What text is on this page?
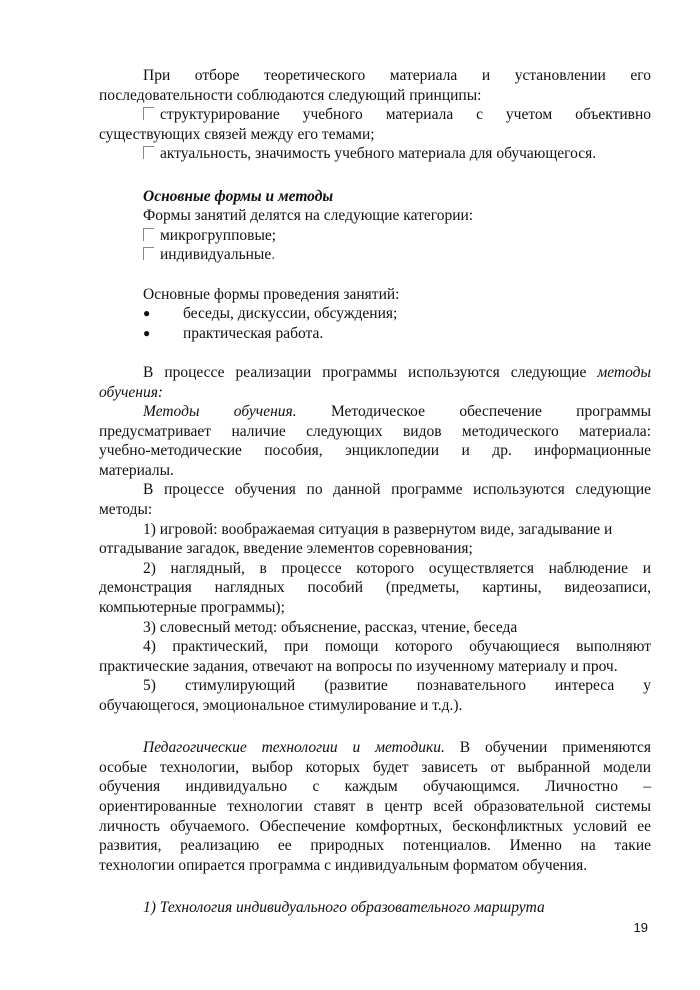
При отборе теоретического материала и установлении его

последовательности соблюдаются следующий принципы:

структурирование учебного материала с учетом объективно

существующих связей между его темами;

актуальность, значимость учебного материала для обучающегося.

Основные формы и методы

Формы занятий делятся на следующие категории:

микрогрупповые;

индивидуальные.

Основные формы проведения занятий:

●	беседы, дискуссии, обсуждения;
●	практическая работа.

В процессе реализации программы используются следующие методы

обучения:

Методы обучения. Методическое обеспечение программы

предусматривает наличие следующих видов методического материала:

учебно-методические пособия, энциклопедии и др. информационные

материалы.

В процессе обучения по данной программе используются следующие

методы:

1) игровой: воображаемая ситуация в развернутом виде, загадывание и

отгадывание загадок, введение элементов соревнования;

2) наглядный, в процессе которого осуществляется наблюдение и

демонстрация наглядных пособий (предметы, картины, видеозаписи,

компьютерные программы);

3) словесный метод: объяснение, рассказ, чтение, беседа

4) практический, при помощи которого обучающиеся выполняют

практические задания, отвечают на вопросы по изученному материалу и проч.

5) стимулирующий (развитие познавательного интереса у

обучающегося, эмоциональное стимулирование и т.д.).

Педагогические технологии и методики. В обучении применяются

особые технологии, выбор которых будет зависеть от выбранной модели

обучения индивидуально с каждым обучающимся. Личностно –

ориентированные технологии ставят в центр всей образовательной системы

личность обучаемого. Обеспечение комфортных, бесконфликтных условий ее

развития, реализацию ее природных потенциалов. Именно на такие

технологии опирается программа с индивидуальным форматом обучения.

1) Технология индивидуального образовательного маршрута

19
